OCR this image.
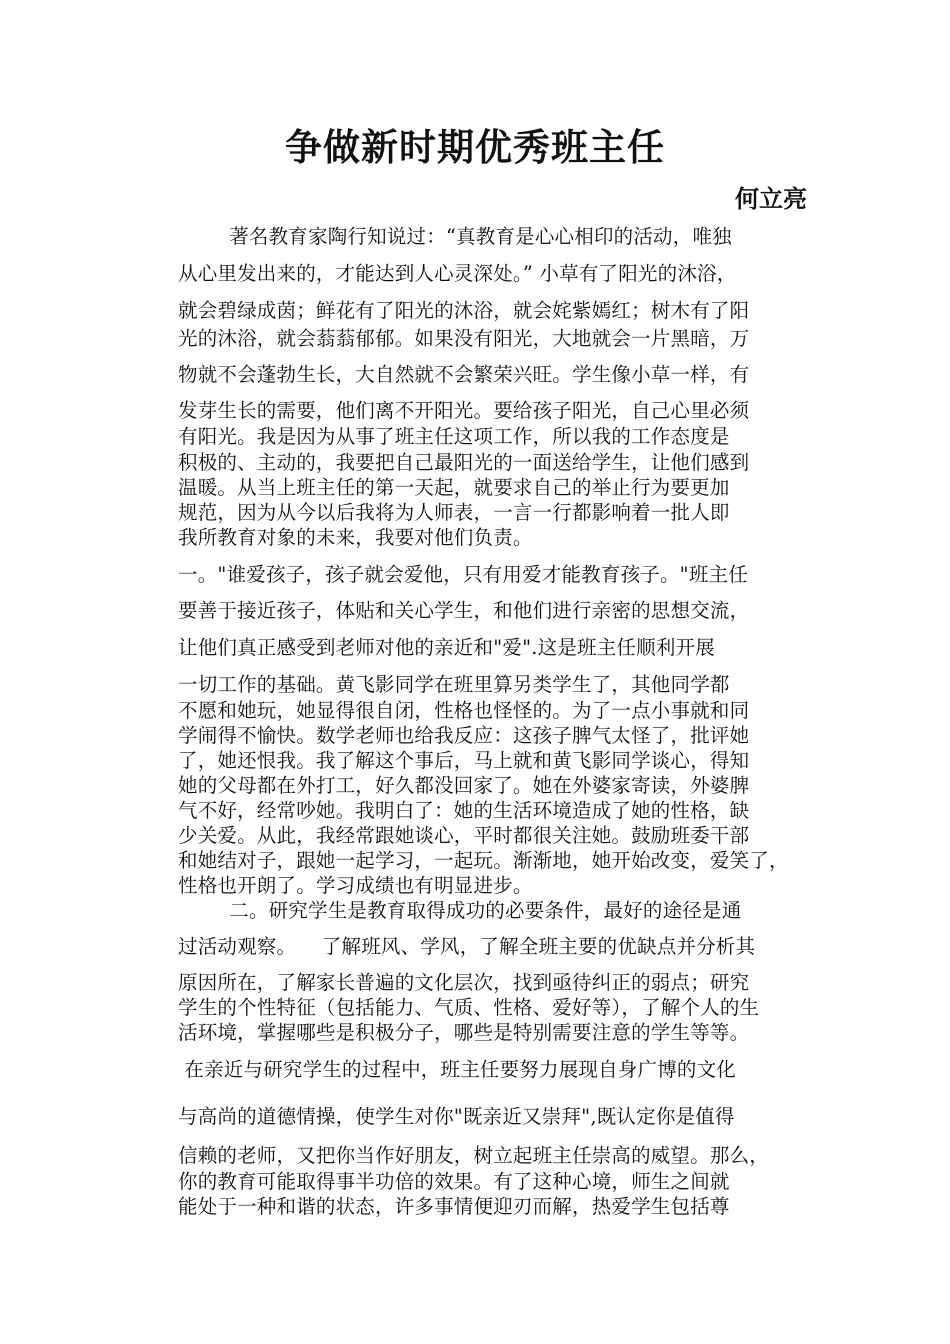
争做新时期优秀班主任
何立亮
著名教育家陶行知说过：“真教育是心心相印的活动，唯独
从心里发出来的，才能达到人心灵深处。” 小草有了阳光的沐浴，
就会碧绿成茵；鲜花有了阳光的沐浴，就会姹紫嫣红；树木有了阳
光的沐浴，就会蓊蓊郁郁。如果没有阳光，大地就会一片黑暗，万
物就不会蓬勃生长，大自然就不会繁荣兴旺。学生像小草一样，有
发芽生长的需要，他们离不开阳光。要给孩子阳光，自己心里必须
有阳光。我是因为从事了班主任这项工作，所以我的工作态度是
积极的、主动的，我要把自己最阳光的一面送给学生，让他们感到
温暖。从当上班主任的第一天起，就要求自己的举止行为要更加
规范，因为从今以后我将为人师表，一言一行都影响着一批人即
我所教育对象的未来，我要对他们负责。
一。"谁爱孩子，孩子就会爱他，只有用爱才能教育孩子。"班主任
要善于接近孩子，体贴和关心学生，和他们进行亲密的思想交流，
让他们真正感受到老师对他的亲近和"爱".这是班主任顺利开展
一切工作的基础。黄飞影同学在班里算另类学生了，其他同学都
不愿和她玩，她显得很自闭，性格也怪怪的。为了一点小事就和同
学闹得不愉快。数学老师也给我反应：这孩子脾气太怪了，批评她
了，她还恨我。我了解这个事后，马上就和黄飞影同学谈心，得知
她的父母都在外打工，好久都没回家了。她在外婆家寄读，外婆脾
气不好，经常吵她。我明白了：她的生活环境造成了她的性格，缺
少关爱。从此，我经常跟她谈心，平时都很关注她。鼓励班委干部
和她结对子，跟她一起学习，一起玩。渐渐地，她开始改变，爱笑了，
性格也开朗了。学习成绩也有明显进步。
二。研究学生是教育取得成功的必要条件，最好的途径是通
过活动观察。    了解班风、学风，了解全班主要的优缺点并分析其
原因所在，了解家长普遍的文化层次，找到亟待纠正的弱点；研究
学生的个性特征（包括能力、气质、性格、爱好等），了解个人的生
活环境，掌握哪些是积极分子，哪些是特别需要注意的学生等等。
在亲近与研究学生的过程中，班主任要努力展现自身广博的文化
与高尚的道德情操，使学生对你"既亲近又崇拜",既认定你是值得
信赖的老师，又把你当作好朋友，树立起班主任崇高的威望。那么，
你的教育可能取得事半功倍的效果。有了这种心境，师生之间就
能处于一种和谐的状态，许多事情便迎刃而解，热爱学生包括尊
